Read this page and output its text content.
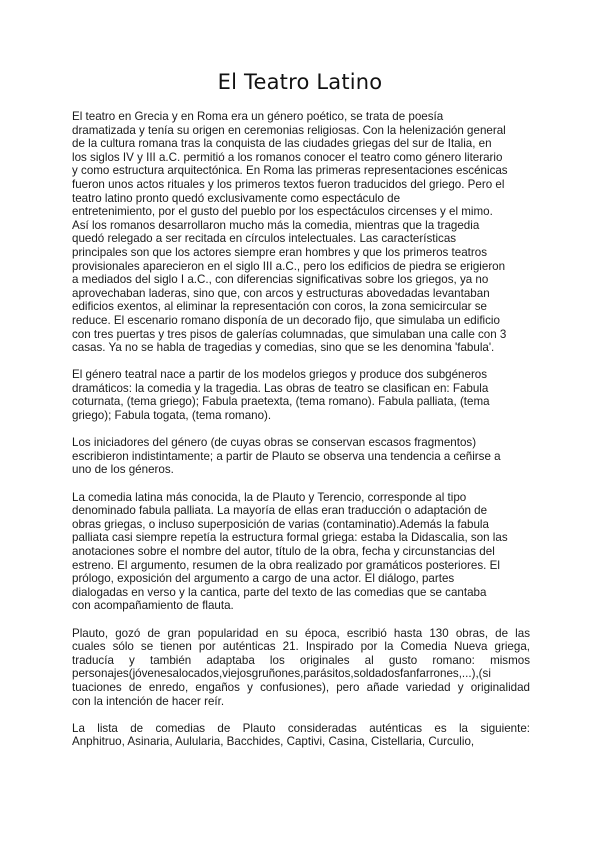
El Teatro Latino
El teatro en Grecia y en Roma era un género poético, se trata de poesía
dramatizada y tenía su origen en ceremonias religiosas. Con la helenización general
de la cultura romana tras la conquista de las ciudades griegas del sur de Italia, en
los siglos IV y III a.C. permitió a los romanos conocer el teatro como género literario
y como estructura arquitectónica. En Roma las primeras representaciones escénicas
fueron unos actos rituales y los primeros textos fueron traducidos del griego. Pero el
teatro latino pronto quedó exclusivamente como espectáculo de
entretenimiento, por el gusto del pueblo por los espectáculos circenses y el mimo.
Así los romanos desarrollaron mucho más la comedia, mientras que la tragedia
quedó relegado a ser recitada en círculos intelectuales. Las características
principales son que los actores siempre eran hombres y que los primeros teatros
provisionales aparecieron en el siglo III a.C., pero los edificios de piedra se erigieron
a mediados del siglo I a.C., con diferencias significativas sobre los griegos, ya no
aprovechaban laderas, sino que, con arcos y estructuras abovedadas levantaban
edificios exentos, al eliminar la representación con coros, la zona semicircular se
reduce. El escenario romano disponía de un decorado fijo, que simulaba un edificio
con tres puertas y tres pisos de galerías columnadas, que simulaban una calle con 3
casas. Ya no se habla de tragedias y comedias, sino que se les denomina 'fabula'.
El género teatral nace a partir de los modelos griegos y produce dos subgéneros
dramáticos: la comedia y la tragedia. Las obras de teatro se clasifican en: Fabula
coturnata, (tema griego); Fabula praetexta, (tema romano). Fabula palliata, (tema
griego); Fabula togata, (tema romano).
Los iniciadores del género (de cuyas obras se conservan escasos fragmentos)
escribieron indistintamente; a partir de Plauto se observa una tendencia a ceñirse a
uno de los géneros.
La comedia latina más conocida, la de Plauto y Terencio, corresponde al tipo
denominado fabula palliata. La mayoría de ellas eran traducción o adaptación de
obras griegas, o incluso superposición de varias (contaminatio).Además la fabula
palliata casi siempre repetía la estructura formal griega: estaba la Didascalia, son las
anotaciones sobre el nombre del autor, título de la obra, fecha y circunstancias del
estreno. El argumento, resumen de la obra realizado por gramáticos posteriores. El
prólogo, exposición del argumento a cargo de una actor. El diálogo, partes
dialogadas en verso y la cantica, parte del texto de las comedias que se cantaba
con acompañamiento de flauta.
Plauto, gozó de gran popularidad en su época, escribió hasta 130 obras, de las
cuales sólo se tienen por auténticas 21. Inspirado por la Comedia Nueva griega,
traducía y también adaptaba los originales al gusto romano: mismos
personajes(jóvenesalocados,viejosgruñones,parásitos,soldadosfanfarrones,...),(si
tuaciones de enredo, engaños y confusiones), pero añade variedad y originalidad
con la intención de hacer reír.
La lista de comedias de Plauto consideradas auténticas es la siguiente:
Anphitruo, Asinaria, Aulularia, Bacchides, Captivi, Casina, Cistellaria, Curculio,
